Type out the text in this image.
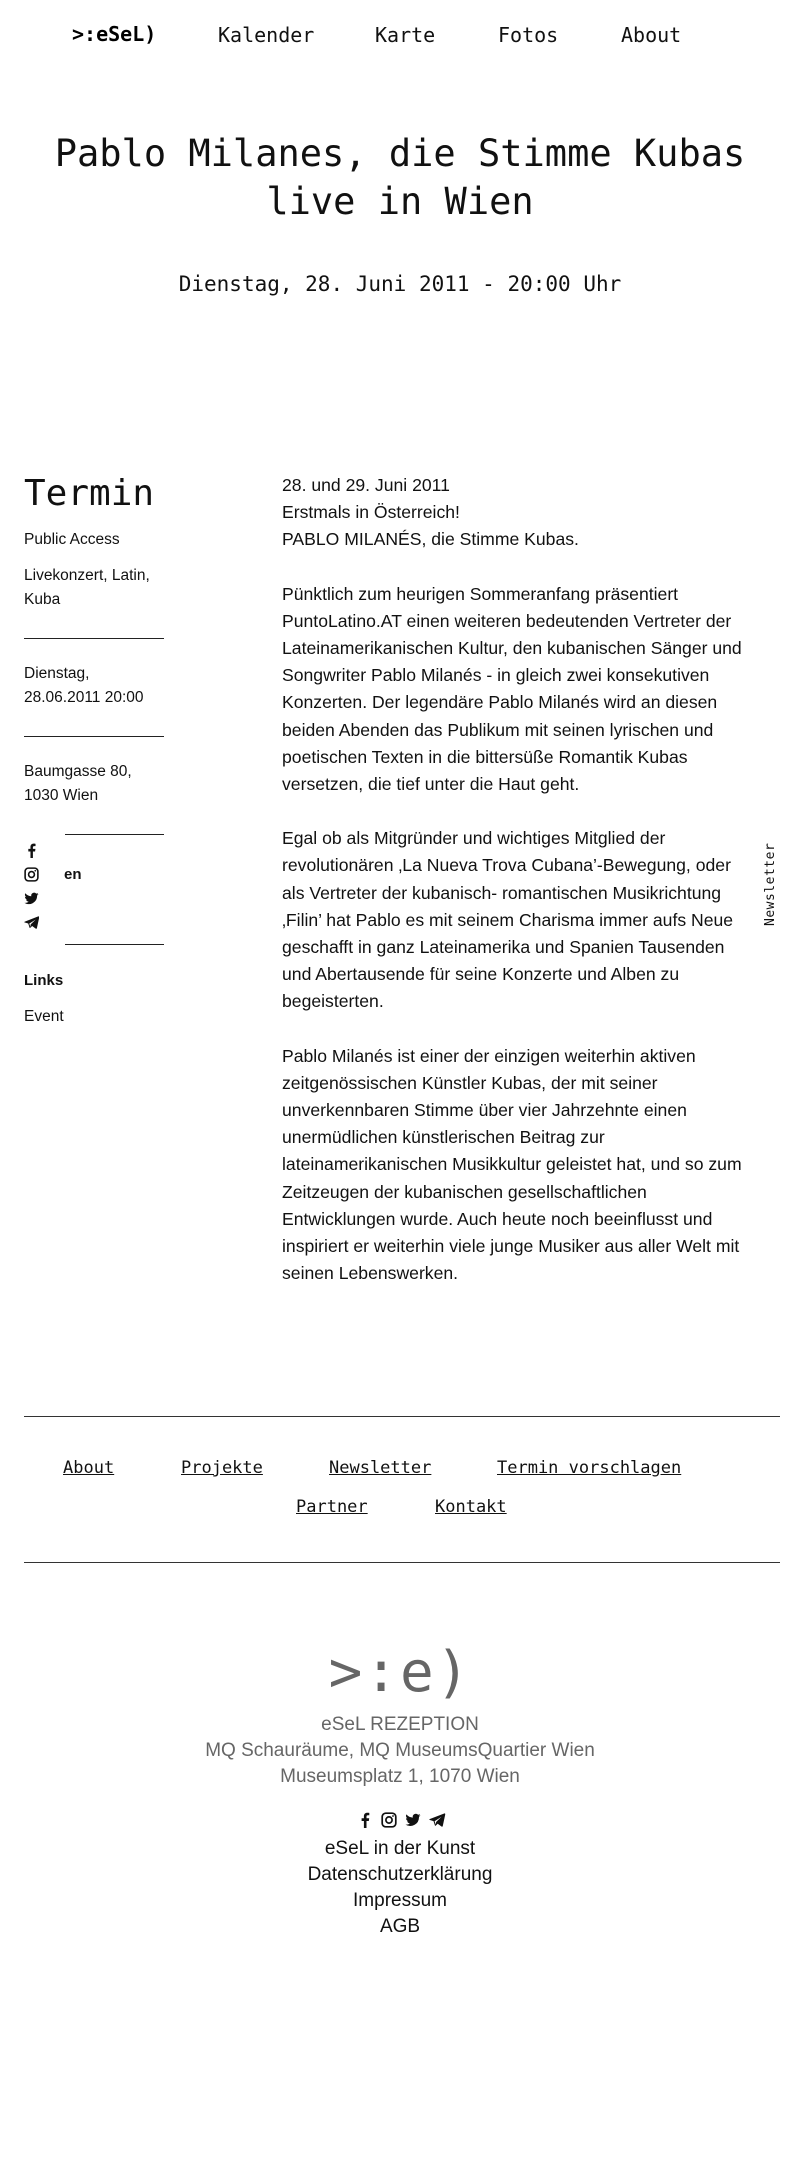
>:eSeL)	Kalender	Karte	Fotos	About
Pablo Milanes, die Stimme Kubas live in Wien
Dienstag, 28. Juni 2011 - 20:00 Uhr
Termin
Public Access
Livekonzert, Latin,
Kuba
Dienstag,
28.06.2011 20:00
Baumgasse 80,
1030 Wien
en
Links
Event

28. und 29. Juni 2011
Erstmals in Österreich!
PABLO MILANÉS, die Stimme Kubas.

Pünktlich zum heurigen Sommeranfang präsentiert
PuntoLatino.AT einen weiteren bedeutenden Vertreter der
Lateinamerikanischen Kultur, den kubanischen Sänger und
Songwriter Pablo Milanés - in gleich zwei konsekutiven
Konzerten. Der legendäre Pablo Milanés wird an diesen
beiden Abenden das Publikum mit seinen lyrischen und
poetischen Texten in die bittersüße Romantik Kubas
versetzen, die tief unter die Haut geht.

Egal ob als Mitgründer und wichtiges Mitglied der
revolutionären ‚La Nueva Trova Cubana’-Bewegung, oder
als Vertreter der kubanisch- romantischen Musikrichtung
‚Filin’ hat Pablo es mit seinem Charisma immer aufs Neue
geschafft in ganz Lateinamerika und Spanien Tausenden
und Abertausende für seine Konzerte und Alben zu
begeisterten.

Pablo Milanés ist einer der einzigen weiterhin aktiven
zeitgenössischen Künstler Kubas, der mit seiner
unverkennbaren Stimme über vier Jahrzehnte einen
unermüdlichen künstlerischen Beitrag zur
lateinamerikanischen Musikkultur geleistet hat, und so zum
Zeitzeugen der kubanischen gesellschaftlichen
Entwicklungen wurde. Auch heute noch beeinflusst und
inspiriert er weiterhin viele junge Musiker aus aller Welt mit
seinen Lebenswerken.

Newsletter
About	Projekte	Newsletter	Termin vorschlagen
Partner	Kontakt
>:e)
eSeL REZEPTION
MQ Schauräume, MQ MuseumsQuartier Wien
Museumsplatz 1, 1070 Wien
eSeL in der Kunst
Datenschutzerklärung
Impressum
AGB
